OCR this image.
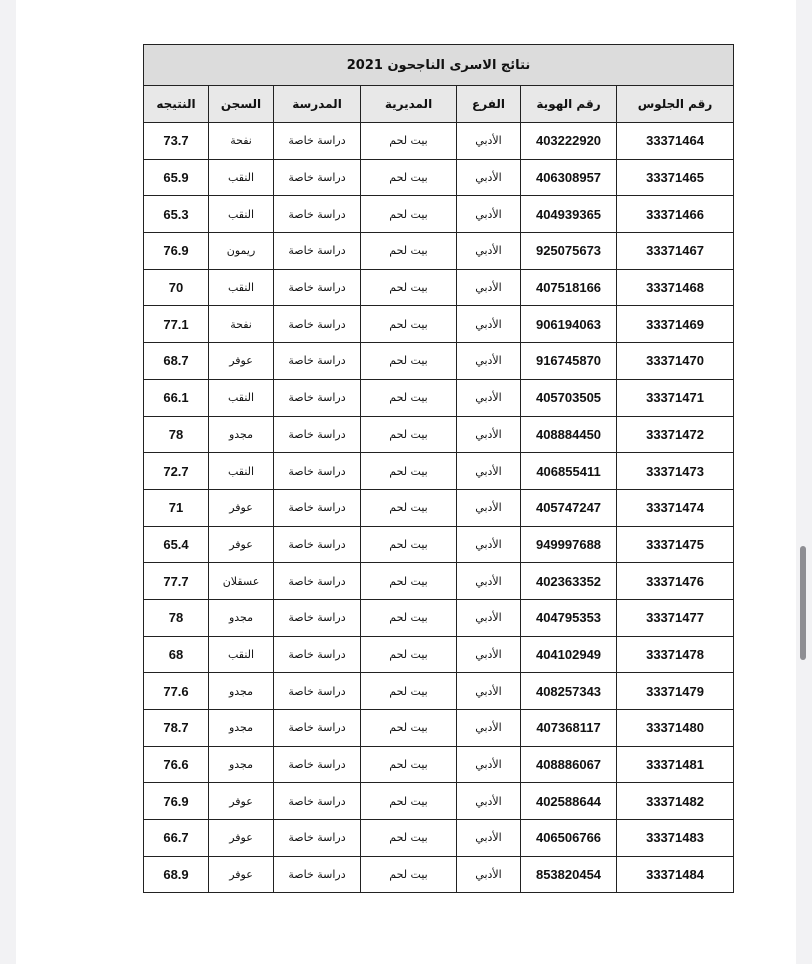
نتائج الاسرى الناجحون 2021						
رقم الجلوس	رقم الهوية	الفرع	المديرية	المدرسة	السجن	النتيجه
33371464	403222920	الأدبي	بيت لحم	دراسة خاصة	نفحة	73.7
33371465	406308957	الأدبي	بيت لحم	دراسة خاصة	النقب	65.9
33371466	404939365	الأدبي	بيت لحم	دراسة خاصة	النقب	65.3
33371467	925075673	الأدبي	بيت لحم	دراسة خاصة	ريمون	76.9
33371468	407518166	الأدبي	بيت لحم	دراسة خاصة	النقب	70
33371469	906194063	الأدبي	بيت لحم	دراسة خاصة	نفحة	77.1
33371470	916745870	الأدبي	بيت لحم	دراسة خاصة	عوفر	68.7
33371471	405703505	الأدبي	بيت لحم	دراسة خاصة	النقب	66.1
33371472	408884450	الأدبي	بيت لحم	دراسة خاصة	مجدو	78
33371473	406855411	الأدبي	بيت لحم	دراسة خاصة	النقب	72.7
33371474	405747247	الأدبي	بيت لحم	دراسة خاصة	عوفر	71
33371475	949997688	الأدبي	بيت لحم	دراسة خاصة	عوفر	65.4
33371476	402363352	الأدبي	بيت لحم	دراسة خاصة	عسقلان	77.7
33371477	404795353	الأدبي	بيت لحم	دراسة خاصة	مجدو	78
33371478	404102949	الأدبي	بيت لحم	دراسة خاصة	النقب	68
33371479	408257343	الأدبي	بيت لحم	دراسة خاصة	مجدو	77.6
33371480	407368117	الأدبي	بيت لحم	دراسة خاصة	مجدو	78.7
33371481	408886067	الأدبي	بيت لحم	دراسة خاصة	مجدو	76.6
33371482	402588644	الأدبي	بيت لحم	دراسة خاصة	عوفر	76.9
33371483	406506766	الأدبي	بيت لحم	دراسة خاصة	عوفر	66.7
33371484	853820454	الأدبي	بيت لحم	دراسة خاصة	عوفر	68.9
